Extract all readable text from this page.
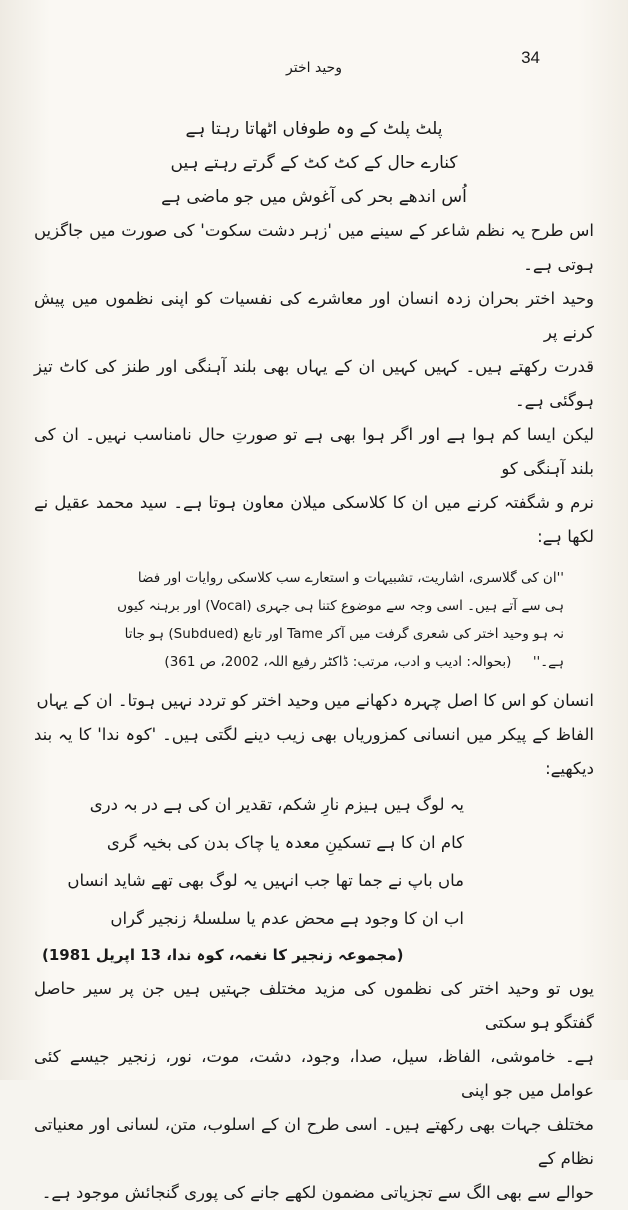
34
وحید اختر

پلٹ پلٹ کے وہ طوفاں اٹھاتا رہتا ہے

کنارے حال کے کٹ کٹ کے گرتے رہتے ہیں

اُس اندھے بحر کی آغوش میں جو ماضی ہے

اس طرح یہ نظم شاعر کے سینے میں 'زہر دشت سکوت' کی صورت میں جاگزیں ہوتی ہے۔

وحید اختر بحران زدہ انسان اور معاشرے کی نفسیات کو اپنی نظموں میں پیش کرنے پر

قدرت رکھتے ہیں۔ کہیں کہیں ان کے یہاں بھی بلند آہنگی اور طنز کی کاٹ تیز ہوگئی ہے۔

لیکن ایسا کم ہوا ہے اور اگر ہوا بھی ہے تو صورتِ حال نامناسب نہیں۔ ان کی بلند آہنگی کو

نرم و شگفتہ کرنے میں ان کا کلاسکی میلان معاون ہوتا ہے۔ سید محمد عقیل نے لکھا ہے:

''ان کی گلاسری، اشاریت، تشبیہات و استعارے سب کلاسکی روایات اور فضا
ہی سے آتے ہیں۔ اسی وجہ سے موضوع کتنا ہی جہری (Vocal) اور برہنہ کیوں
نہ ہو وحید اختر کی شعری گرفت میں آکر Tame اور تابع (Subdued) ہو جاتا
ہے۔''     (بحوالہ: ادیب و ادب، مرتب: ڈاکٹر رفیع اللہ، 2002، ص 361)

انسان کو اس کا اصل چہرہ دکھانے میں وحید اختر کو تردد نہیں ہوتا۔ ان کے یہاں

الفاظ کے پیکر میں انسانی کمزوریاں بھی زیب دینے لگتی ہیں۔ 'کوہ ندا' کا یہ بند دیکھیے:

یہ لوگ ہیں ہیزم نارِ شکم، تقدیر ان کی ہے در بہ دری

کام ان کا ہے تسکینِ معدہ یا چاک بدن کی بخیہ گری

ماں باپ نے جما تھا جب انہیں یہ لوگ بھی تھے شاید انساں

اب ان کا وجود ہے محض عدم یا سلسلۂ زنجیر گراں

(مجموعہ زنجیر کا نغمہ، کوہ ندا، 13 اپریل 1981)

یوں تو وحید اختر کی نظموں کی مزید مختلف جہتیں ہیں جن پر سیر حاصل گفتگو ہو سکتی

ہے۔ خاموشی، الفاظ، سیل، صدا، وجود، دشت، موت، نور، زنجیر جیسے کئی عوامل میں جو اپنی

مختلف جہات بھی رکھتے ہیں۔ اسی طرح ان کے اسلوب، متن، لسانی اور معنیاتی نظام کے

حوالے سے بھی الگ سے تجزیاتی مضمون لکھے جانے کی پوری گنجائش موجود ہے۔
